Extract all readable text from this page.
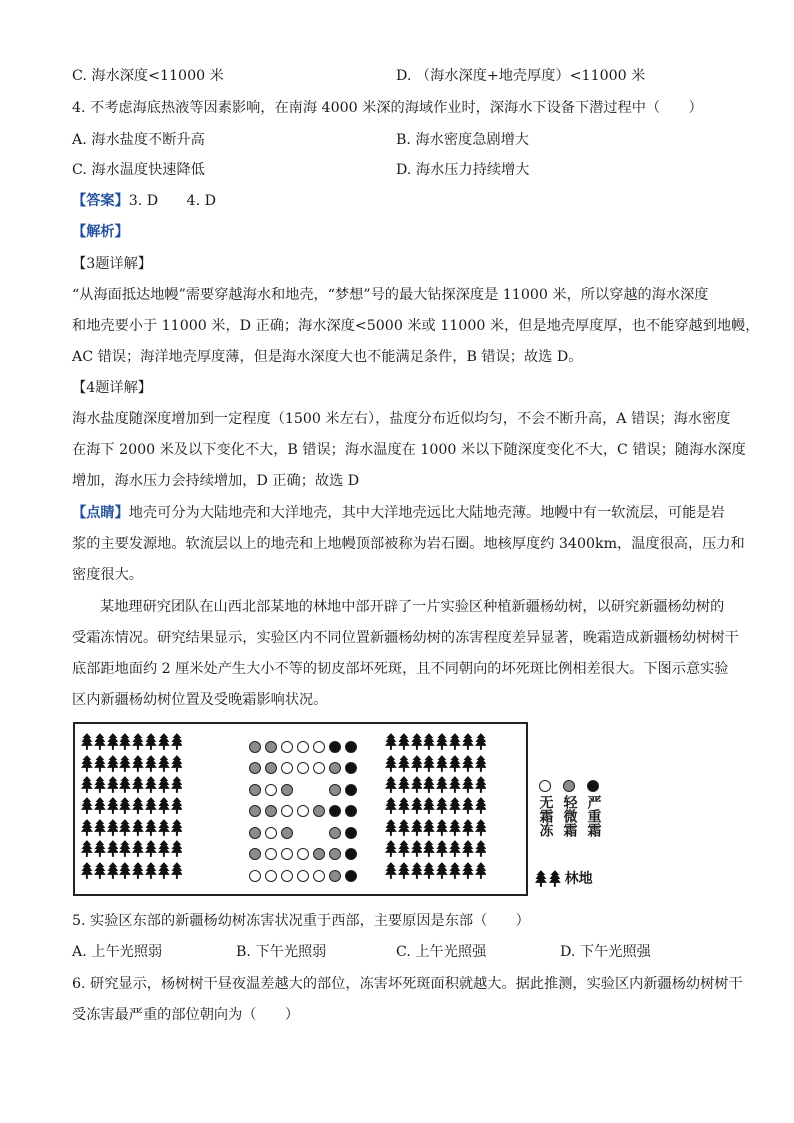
C. 海水深度<11000 米	D. （海水深度+地壳厚度）<11000 米
4. 不考虑海底热液等因素影响，在南海 4000 米深的海域作业时，深海水下设备下潜过程中（　　）
A. 海水盐度不断升高	B. 海水密度急剧增大
C. 海水温度快速降低	D. 海水压力持续增大
【答案】3. D　　4. D
【解析】
【3题详解】
“从海面抵达地幔”需要穿越海水和地壳，“梦想”号的最大钻探深度是 11000 米，所以穿越的海水深度
和地壳要小于 11000 米，D 正确；海水深度<5000 米或 11000 米，但是地壳厚度厚，也不能穿越到地幔，
AC 错误；海洋地壳厚度薄，但是海水深度大也不能满足条件，B 错误；故选 D。
【4题详解】
海水盐度随深度增加到一定程度（1500 米左右），盐度分布近似均匀，不会不断升高，A 错误；海水密度
在海下 2000 米及以下变化不大，B 错误；海水温度在 1000 米以下随深度变化不大，C 错误；随海水深度
增加，海水压力会持续增加，D 正确；故选 D
【点睛】地壳可分为大陆地壳和大洋地壳，其中大洋地壳远比大陆地壳薄。地幔中有一软流层，可能是岩
浆的主要发源地。软流层以上的地壳和上地幔顶部被称为岩石圈。地核厚度约 3400km，温度很高，压力和
密度很大。
某地理研究团队在山西北部某地的林地中部开辟了一片实验区种植新疆杨幼树，以研究新疆杨幼树的
受霜冻情况。研究结果显示，实验区内不同位置新疆杨幼树的冻害程度差异显著，晚霜造成新疆杨幼树树干
底部距地面约 2 厘米处产生大小不等的韧皮部坏死斑，且不同朝向的坏死斑比例相差很大。下图示意实验
区内新疆杨幼树位置及受晚霜影响状况。
无霜冻 轻微霜 严重霜
林地
5. 实验区东部的新疆杨幼树冻害状况重于西部，主要原因是东部（　　）
A. 上午光照弱	B. 下午光照弱	C. 上午光照强	D. 下午光照强
6. 研究显示，杨树树干昼夜温差越大的部位，冻害坏死斑面积就越大。据此推测，实验区内新疆杨幼树树干
受冻害最严重的部位朝向为（　　）
